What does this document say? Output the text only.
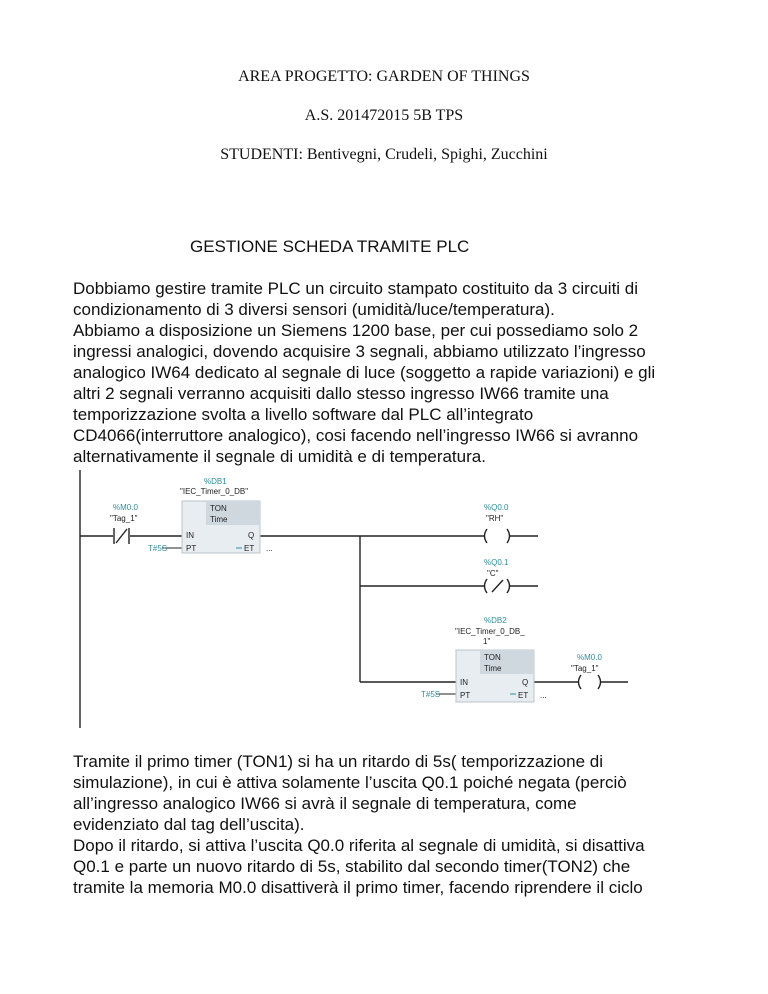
AREA PROGETTO: GARDEN OF THINGS
A.S. 201472015 5B TPS
STUDENTI: Bentivegni, Crudeli, Spighi, Zucchini
GESTIONE SCHEDA TRAMITE PLC
Dobbiamo gestire tramite PLC un circuito stampato costituito da 3 circuiti di
condizionamento di 3 diversi sensori (umidità/luce/temperatura).
Abbiamo a disposizione un Siemens 1200 base, per cui possediamo solo 2
ingressi analogici, dovendo acquisire 3 segnali, abbiamo utilizzato l’ingresso
analogico IW64 dedicato al segnale di luce (soggetto a rapide variazioni) e gli
altri 2 segnali verranno acquisiti dallo stesso ingresso IW66 tramite una
temporizzazione svolta a livello software dal PLC all’integrato
CD4066(interruttore analogico), cosi facendo nell’ingresso IW66 si avranno
alternativamente il segnale di umidità e di temperatura.
%DB1
%M0.0	%Q0.0
%Q0.1
%DB2
%M0.0
T#5S
T#5S
"IEC_Timer_0_DB"
"Tag_1"	"RH"
"C"
"IEC_Timer_0_DB_
1"
"Tag_1"
TON
Time
IN	Q
PT	ET ...
TON
Time
IN	Q
PT	ET ...
Tramite il primo timer (TON1) si ha un ritardo di 5s( temporizzazione di
simulazione), in cui è attiva solamente l’uscita Q0.1 poiché negata (perciò
all’ingresso analogico IW66 si avrà il segnale di temperatura, come
evidenziato dal tag dell’uscita).
Dopo il ritardo, si attiva l’uscita Q0.0 riferita al segnale di umidità, si disattiva
Q0.1 e parte un nuovo ritardo di 5s, stabilito dal secondo timer(TON2) che
tramite la memoria M0.0 disattiverà il primo timer, facendo riprendere il ciclo
